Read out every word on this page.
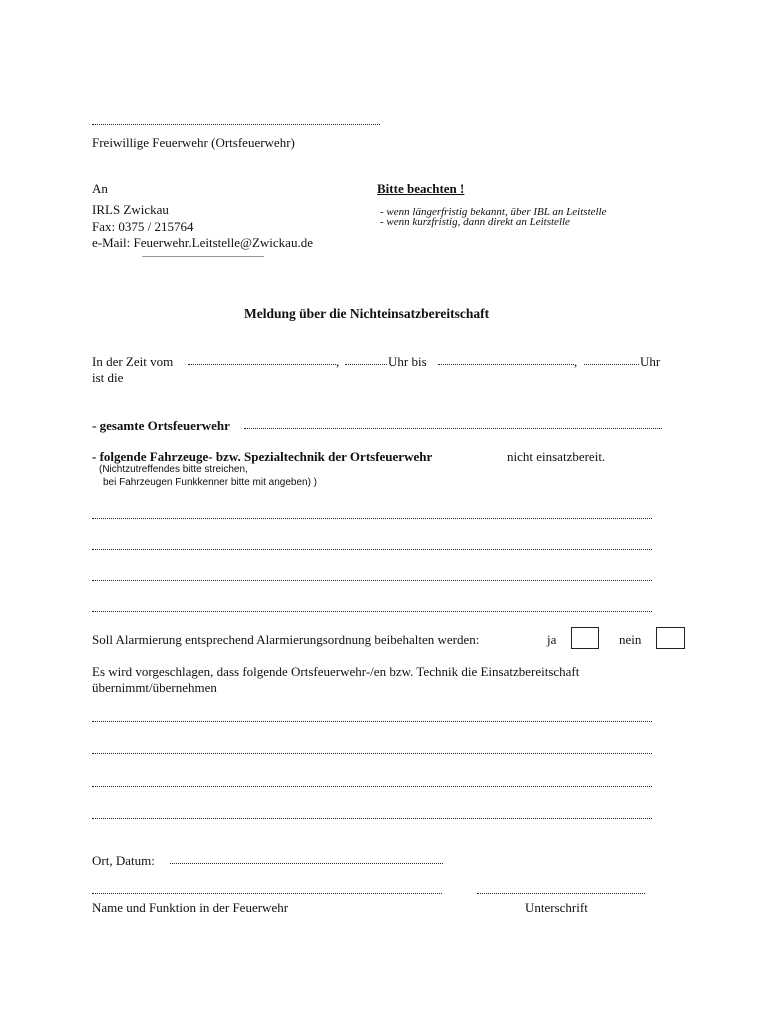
Freiwillige Feuerwehr (Ortsfeuerwehr)
An
IRLS Zwickau
Fax: 0375 / 215764
e-Mail: Feuerwehr.Leitstelle@Zwickau.de
Bitte beachten !
- wenn längerfristig bekannt, über IBL an Leitstelle
- wenn kurzfristig, dann direkt an Leitstelle
Meldung über die Nichteinsatzbereitschaft
In der Zeit vom	,	Uhr bis	,	Uhr
ist die
- gesamte Ortsfeuerwehr
- folgende Fahrzeuge- bzw. Spezialtechnik der Ortsfeuerwehr	nicht einsatzbereit.
(Nichtzutreffendes bitte streichen,
bei Fahrzeugen Funkkenner bitte mit angeben) )
Soll Alarmierung entsprechend Alarmierungsordnung beibehalten werden:	ja	nein
Es wird vorgeschlagen, dass folgende Ortsfeuerwehr-/en bzw. Technik die Einsatzbereitschaft
übernimmt/übernehmen
Ort, Datum:
Name und Funktion in der Feuerwehr	Unterschrift
